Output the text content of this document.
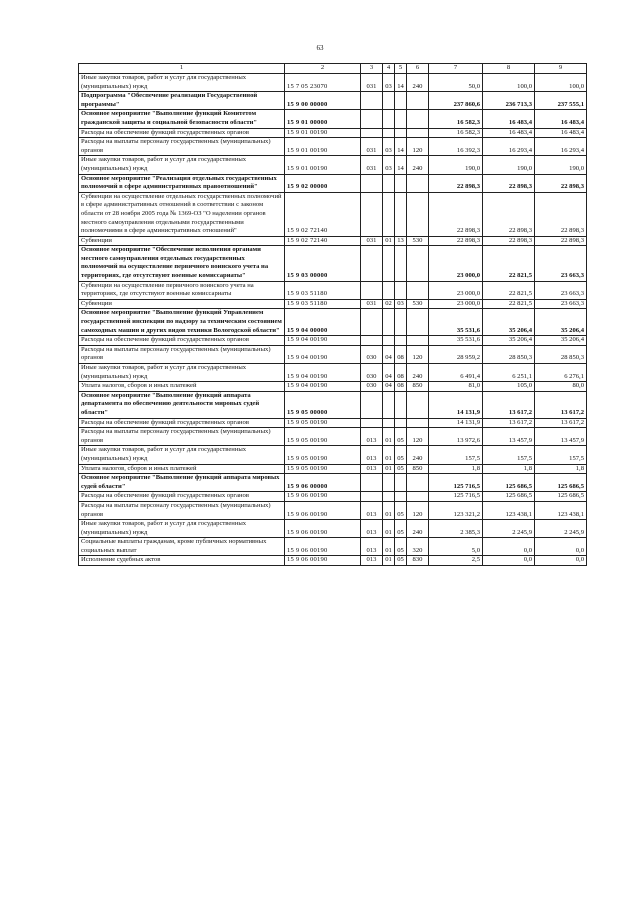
63
1	2	3	4	5	6	7	8	9
Иные закупки товаров, работ и услуг для государственных (муниципальных) нужд	15 7 05 23070	031	03	14	240	50,0	100,0	100,0
Подпрограмма "Обеспечение реализации Государственной программы"	15 9 00 00000					237 860,6	236 713,3	237 555,1
Основное мероприятие "Выполнение функций Комитетом гражданской защиты и социальной безопасности области"	15 9 01 00000					16 582,3	16 483,4	16 483,4
Расходы на обеспечение функций государственных органов	15 9 01 00190					16 582,3	16 483,4	16 483,4
Расходы на выплаты персоналу государственных (муниципальных) органов	15 9 01 00190	031	03	14	120	16 392,3	16 293,4	16 293,4
Иные закупки товаров, работ и услуг для государственных (муниципальных) нужд	15 9 01 00190	031	03	14	240	190,0	190,0	190,0
Основное мероприятие "Реализация отдельных государственных полномочий в сфере административных правоотношений"	15 9 02 00000					22 898,3	22 898,3	22 898,3
Субвенции на осуществление отдельных государственных полномочий в сфере административных отношений в соответствии с законом области от 28 ноября 2005 года № 1369-ОЗ "О наделении органов местного самоуправления отдельными государственными полномочиями в сфере административных отношений"	15 9 02 72140					22 898,3	22 898,3	22 898,3
Субвенции	15 9 02 72140	031	01	13	530	22 898,3	22 898,3	22 898,3
Основное мероприятие "Обеспечение исполнения органами местного самоуправления отдельных государственных полномочий на осуществление первичного воинского учета на территориях, где отсутствуют военные комиссариаты"	15 9 03 00000					23 000,0	22 821,5	23 663,3
Субвенции на осуществление первичного воинского учета на территориях, где отсутствуют военные комиссариаты	15 9 03 51180					23 000,0	22 821,5	23 663,3
Субвенции	15 9 03 51180	031	02	03	530	23 000,0	22 821,5	23 663,3
Основное мероприятие "Выполнение функций Управлением государственной инспекции по надзору за техническим состоянием самоходных машин и других видов техники Вологодской области"	15 9 04 00000					35 531,6	35 206,4	35 206,4
Расходы на обеспечение функций государственных органов	15 9 04 00190					35 531,6	35 206,4	35 206,4
Расходы на выплаты персоналу государственных (муниципальных) органов	15 9 04 00190	030	04	08	120	28 959,2	28 850,3	28 850,3
Иные закупки товаров, работ и услуг для государственных (муниципальных) нужд	15 9 04 00190	030	04	08	240	6 491,4	6 251,1	6 276,1
Уплата налогов, сборов и иных платежей	15 9 04 00190	030	04	08	850	81,0	105,0	80,0
Основное мероприятие "Выполнение функций аппарата департамента по обеспечению деятельности мировых судей области"	15 9 05 00000					14 131,9	13 617,2	13 617,2
Расходы на обеспечение функций государственных органов	15 9 05 00190					14 131,9	13 617,2	13 617,2
Расходы на выплаты персоналу государственных (муниципальных) органов	15 9 05 00190	013	01	05	120	13 972,6	13 457,9	13 457,9
Иные закупки товаров, работ и услуг для государственных (муниципальных) нужд	15 9 05 00190	013	01	05	240	157,5	157,5	157,5
Уплата налогов, сборов и иных платежей	15 9 05 00190	013	01	05	850	1,8	1,8	1,8
Основное мероприятие "Выполнение функций аппарата мировых судей области"	15 9 06 00000					125 716,5	125 686,5	125 686,5
Расходы на обеспечение функций государственных органов	15 9 06 00190					125 716,5	125 686,5	125 686,5
Расходы на выплаты персоналу государственных (муниципальных) органов	15 9 06 00190	013	01	05	120	123 321,2	123 438,1	123 438,1
Иные закупки товаров, работ и услуг для государственных (муниципальных) нужд	15 9 06 00190	013	01	05	240	2 385,3	2 245,9	2 245,9
Социальные выплаты гражданам, кроме публичных нормативных социальных выплат	15 9 06 00190	013	01	05	320	5,0	0,0	0,0
Исполнение судебных актов	15 9 06 00190	013	01	05	830	2,5	0,0	0,0
